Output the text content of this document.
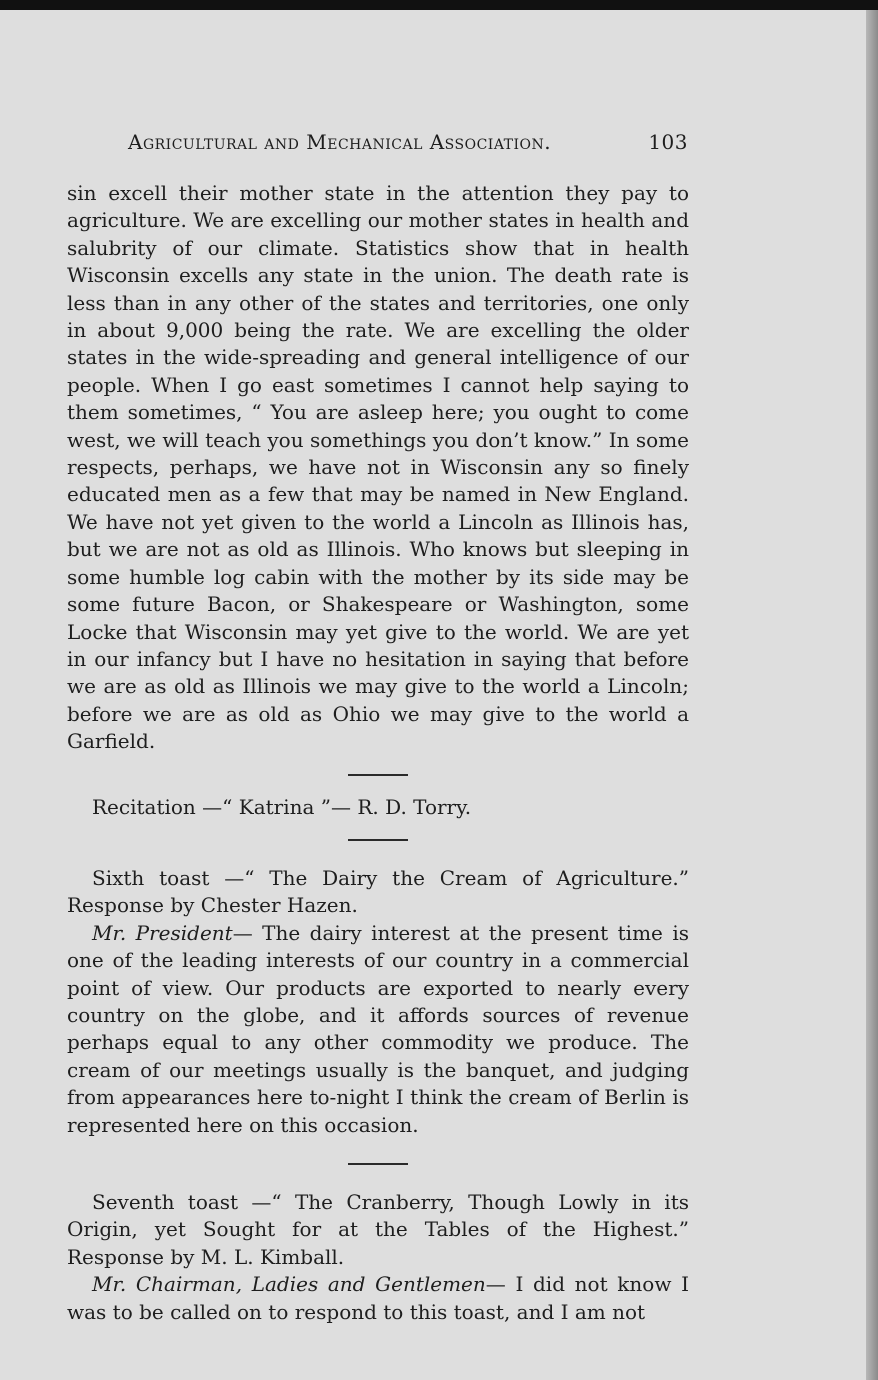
Agricultural and Mechanical Association.	103

sin excell their mother state in the attention they pay to agriculture. We are excelling our mother states in health and salubrity of our climate. Statistics show that in health Wisconsin excells any state in the union. The death rate is less than in any other of the states and territories, one only in about 9,000 being the rate. We are excelling the older states in the wide-spreading and general intelligence of our people. When I go east sometimes I cannot help saying to them sometimes, “ You are asleep here; you ought to come west, we will teach you somethings you don’t know.” In some respects, perhaps, we have not in Wisconsin any so finely educated men as a few that may be named in New England. We have not yet given to the world a Lincoln as Illinois has, but we are not as old as Illinois. Who knows but sleeping in some humble log cabin with the mother by its side may be some future Bacon, or Shakespeare or Washington, some Locke that Wisconsin may yet give to the world. We are yet in our infancy but I have no hesitation in saying that before we are as old as Illinois we may give to the world a Lincoln; before we are as old as Ohio we may give to the world a Garfield.

Recitation —“ Katrina ”— R. D. Torry.

Sixth toast —“ The Dairy the Cream of Agriculture.” Response by Chester Hazen.

Mr. President— The dairy interest at the present time is one of the leading interests of our country in a commercial point of view. Our products are exported to nearly every country on the globe, and it affords sources of revenue perhaps equal to any other commodity we produce. The cream of our meetings usually is the banquet, and judging from appearances here to-night I think the cream of Berlin is represented here on this occasion.

Seventh toast —“ The Cranberry, Though Lowly in its Origin, yet Sought for at the Tables of the Highest.” Response by M. L. Kimball.

Mr. Chairman, Ladies and Gentlemen— I did not know I was to be called on to respond to this toast, and I am not
